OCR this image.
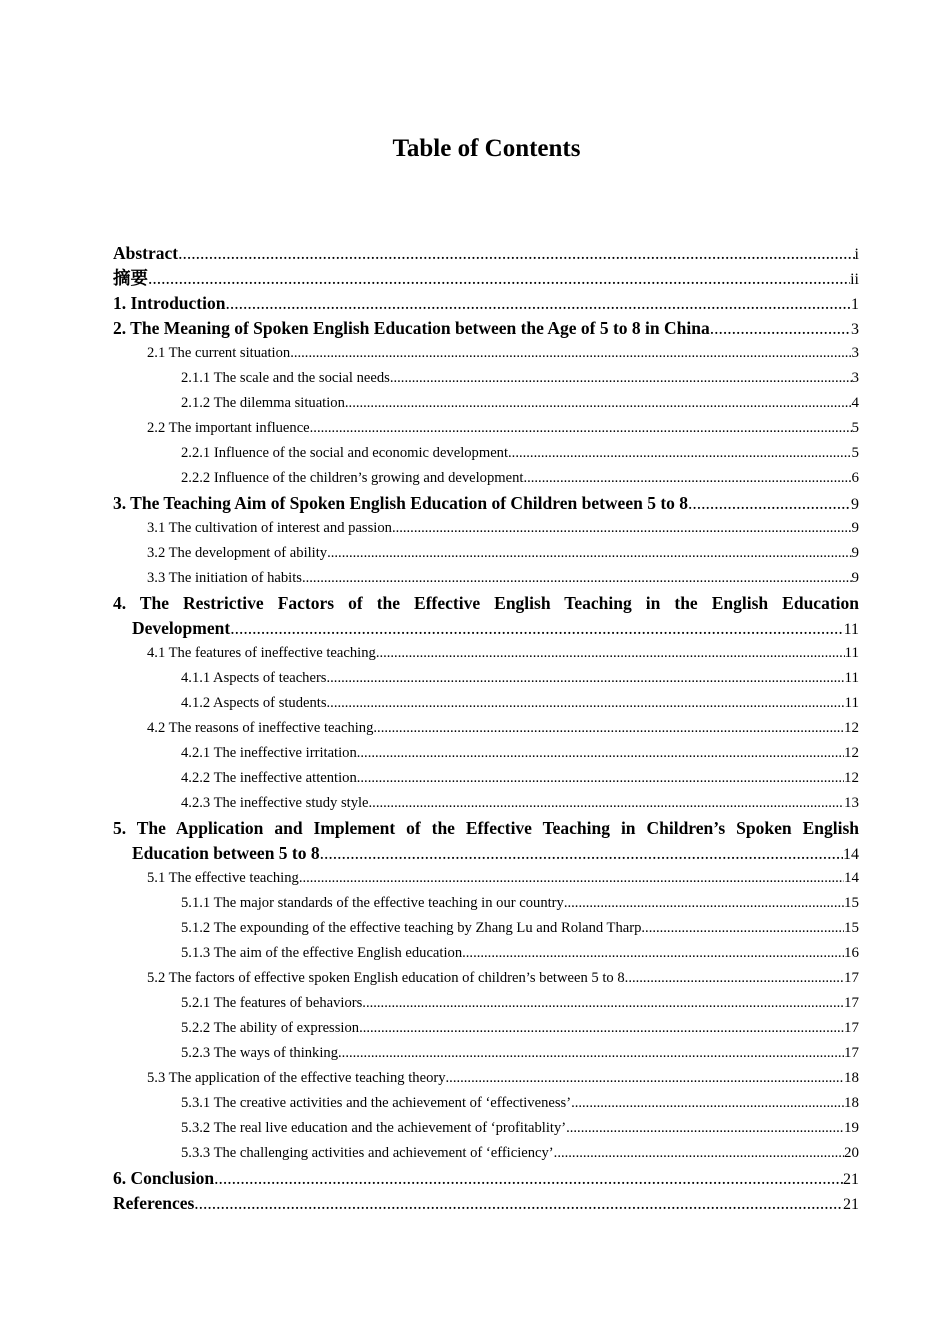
Table of Contents
Abstract .....	i
摘要 .....	ii
1. Introduction .....	1
2. The Meaning of Spoken English Education between the Age of 5 to 8 in China .....	3
2.1 The current situation .....	3
2.1.1 The scale and the social needs .....	3
2.1.2 The dilemma situation .....	4
2.2 The important influence .....	5
2.2.1 Influence of the social and economic development .....	5
2.2.2 Influence of the children’s growing and development .....	6
3. The Teaching Aim of Spoken English Education of Children between 5 to 8 .....	9
3.1 The cultivation of interest and passion .....	9
3.2 The development of ability .....	9
3.3 The initiation of habits .....	9
4. The Restrictive Factors of the Effective English Teaching in the English Education
Development .....	11
4.1 The features of ineffective teaching .....	11
4.1.1 Aspects of teachers .....	11
4.1.2 Aspects of students .....	11
4.2 The reasons of ineffective teaching .....	12
4.2.1 The ineffective irritation .....	12
4.2.2 The ineffective attention .....	12
4.2.3 The ineffective study style .....	13
5. The Application and Implement of the Effective Teaching in Children’s Spoken English
Education between 5 to 8 .....	14
5.1 The effective teaching .....	14
5.1.1 The major standards of the effective teaching in our country .....	15
5.1.2 The expounding of the effective teaching by Zhang Lu and Roland Tharp .....	15
5.1.3 The aim of the effective English education .....	16
5.2 The factors of effective spoken English education of children’s between 5 to 8. .....	17
5.2.1 The features of behaviors .....	17
5.2.2 The ability of expression .....	17
5.2.3 The ways of thinking .....	17
5.3 The application of the effective teaching theory .....	18
5.3.1 The creative activities and the achievement of ‘effectiveness’ .....	18
5.3.2 The real live education and the achievement of ‘profitablity’ .....	19
5.3.3 The challenging activities and achievement of ‘efficiency’ .....	20
6. Conclusion .....	21
References .....	21
